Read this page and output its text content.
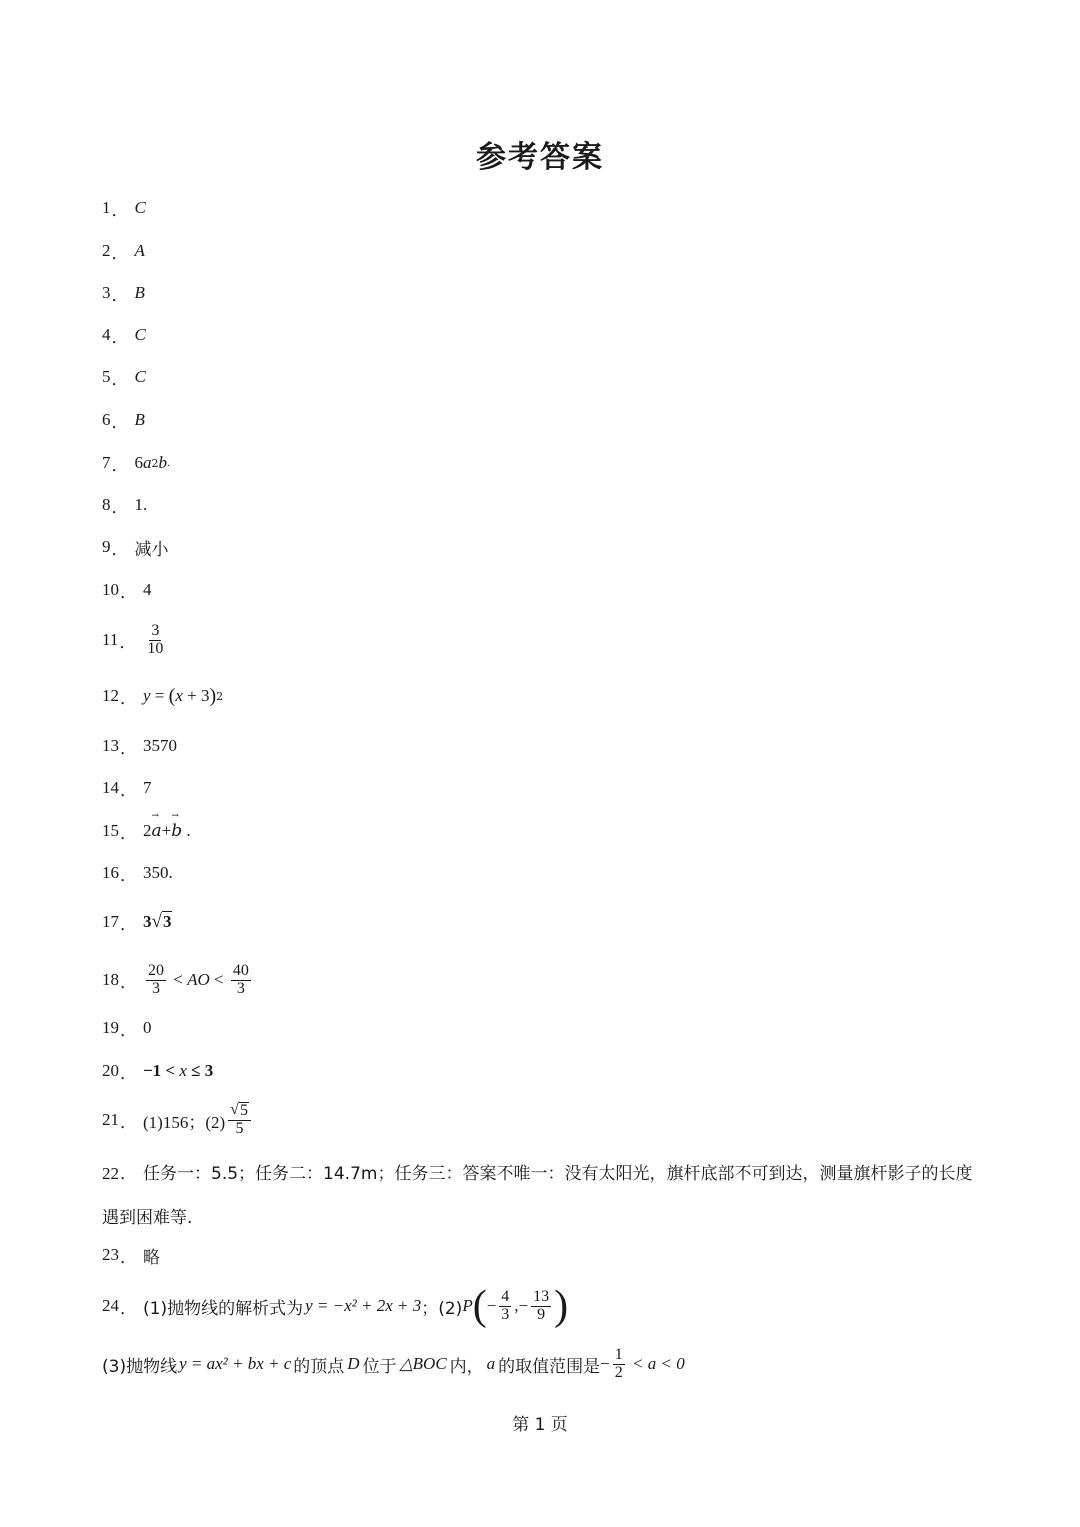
参考答案
1 ． C
2 ． A
3 ． B
4 ． C
5 ． C
6 ． B
7 ． 6 a 2 b .
8 ． 1.
9 ． 减小
10 ． 4
11 ． $\frac{3}{10}$
12 ． y = ( x + 3 ) 2
13 ． 3570
14 ． 7
15 ． 2 → a + → b .
16 ． 350.
17 ． 3 √ 3
18 ． $\frac{20}{3}$ < AO < $\frac{40}{3}$
19 ． 0
20 ． −1 < x ≤ 3
21 ． (1)156；$(2) \frac{√ 5}{5}$
22． 任务一：5.5；任务二：14.7m；任务三：答案不唯一：没有太阳光，旗杆底部不可到达，测量旗杆影子的长度遇到困难等.
23 ． 略
24 ． (1)抛物线的解析式为 y = −x² + 2x + 3 ；(2) P ( − $\frac{4}{3}$ , − $\frac{13}{9}$ )
(3)抛物线 y = ax² + bx + c 的顶点 D 位于 △BOC 内， a 的取值范围是 − $\frac{1}{2} < a < 0$
第 1 页
